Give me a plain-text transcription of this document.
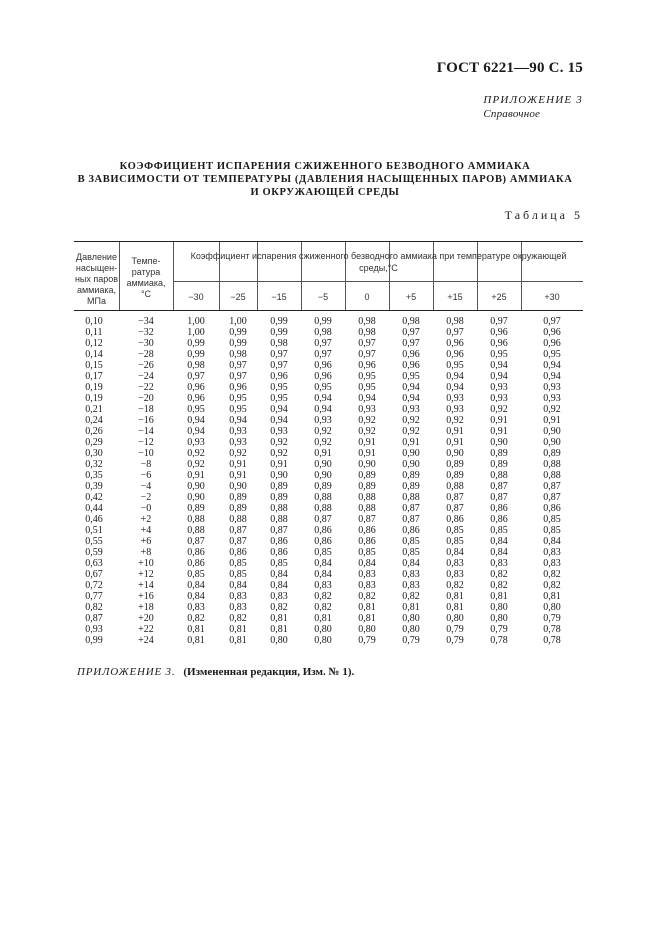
ГОСТ 6221—90 С. 15
ПРИЛОЖЕНИЕ 3
Справочное
КОЭФФИЦИЕНТ ИСПАРЕНИЯ СЖИЖЕННОГО БЕЗВОДНОГО АММИАКА
В ЗАВИСИМОСТИ ОТ ТЕМПЕРАТУРЫ (ДАВЛЕНИЯ НАСЫЩЕННЫХ ПАРОВ) АММИАКА
И ОКРУЖАЮЩЕЙ СРЕДЫ
Таблица 5
Давление
насыщен-
ных паров
аммиака,
МПа
Темпе-
ратура
аммиака,
°С
Коэффициент испарения сжиженного безводного аммиака при температуре окружающей
среды,°С
−30	−25	−15	−5	0	+5	+15	+25	+30
0,10	−34	1,00	1,00	0,99	0,99	0,98	0,98	0,98	0,97	0,97
0,11	−32	1,00	0,99	0,99	0,98	0,98	0,97	0,97	0,96	0,96
0,12	−30	0,99	0,99	0,98	0,97	0,97	0,97	0,96	0,96	0,96
0,14	−28	0,99	0,98	0,97	0,97	0,97	0,96	0,96	0,95	0,95
0,15	−26	0,98	0,97	0,97	0,96	0,96	0,96	0,95	0,94	0,94
0,17	−24	0,97	0,97	0,96	0,96	0,95	0,95	0,94	0,94	0,94
0,19	−22	0,96	0,96	0,95	0,95	0,95	0,94	0,94	0,93	0,93
0,19	−20	0,96	0,95	0,95	0,94	0,94	0,94	0,93	0,93	0,93
0,21	−18	0,95	0,95	0,94	0,94	0,93	0,93	0,93	0,92	0,92
0,24	−16	0,94	0,94	0,94	0,93	0,92	0,92	0,92	0,91	0,91
0,26	−14	0,94	0,93	0,93	0,92	0,92	0,92	0,91	0,91	0,90
0,29	−12	0,93	0,93	0,92	0,92	0,91	0,91	0,91	0,90	0,90
0,30	−10	0,92	0,92	0,92	0,91	0,91	0,90	0,90	0,89	0,89
0,32	−8	0,92	0,91	0,91	0,90	0,90	0,90	0,89	0,89	0,88
0,35	−6	0,91	0,91	0,90	0,90	0,89	0,89	0,89	0,88	0,88
0,39	−4	0,90	0,90	0,89	0,89	0,89	0,89	0,88	0,87	0,87
0,42	−2	0,90	0,89	0,89	0,88	0,88	0,88	0,87	0,87	0,87
0,44	−0	0,89	0,89	0,88	0,88	0,88	0,87	0,87	0,86	0,86
0,46	+2	0,88	0,88	0,88	0,87	0,87	0,87	0,86	0,86	0,85
0,51	+4	0,88	0,87	0,87	0,86	0,86	0,86	0,85	0,85	0,85
0,55	+6	0,87	0,87	0,86	0,86	0,86	0,85	0,85	0,84	0,84
0,59	+8	0,86	0,86	0,86	0,85	0,85	0,85	0,84	0,84	0,83
0,63	+10	0,86	0,85	0,85	0,84	0,84	0,84	0,83	0,83	0,83
0,67	+12	0,85	0,85	0,84	0,84	0,83	0,83	0,83	0,82	0,82
0,72	+14	0,84	0,84	0,84	0,83	0,83	0,83	0,82	0,82	0,82
0,77	+16	0,84	0,83	0,83	0,82	0,82	0,82	0,81	0,81	0,81
0,82	+18	0,83	0,83	0,82	0,82	0,81	0,81	0,81	0,80	0,80
0,87	+20	0,82	0,82	0,81	0,81	0,81	0,80	0,80	0,80	0,79
0,93	+22	0,81	0,81	0,81	0,80	0,80	0,80	0,79	0,79	0,78
0,99	+24	0,81	0,81	0,80	0,80	0,79	0,79	0,79	0,78	0,78
ПРИЛОЖЕНИЕ 3. (Измененная редакция, Изм. № 1).
